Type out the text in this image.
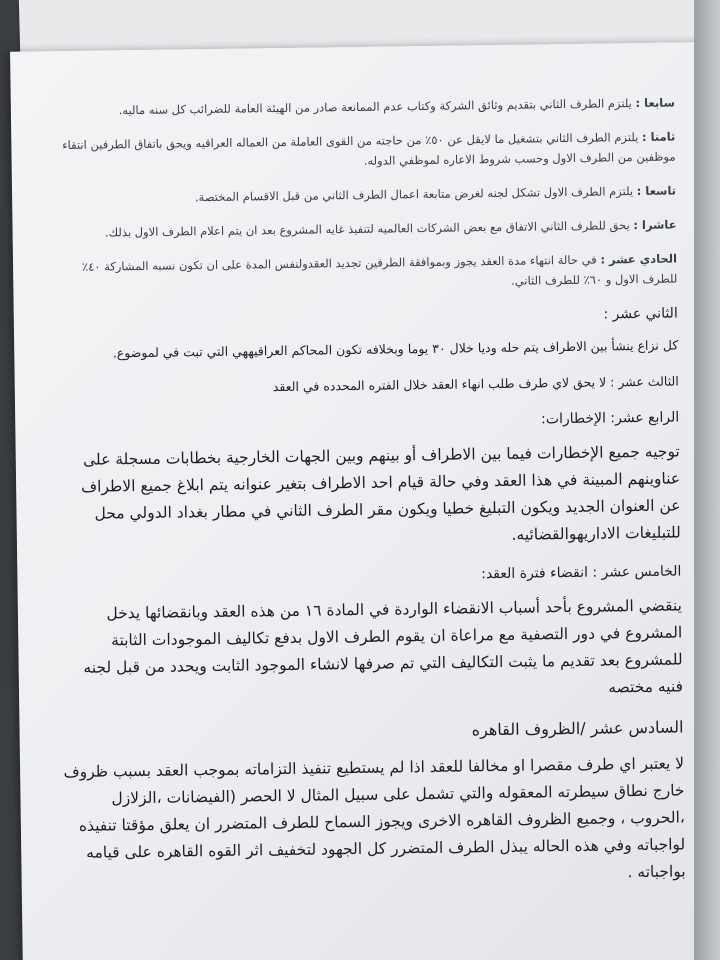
سابعا : يلتزم الطرف الثاني بتقديم وثائق الشركة وكتاب عدم الممانعة صادر من الهيئة العامة للضرائب كل سنه ماليه.

ثامنا : يلتزم الطرف الثاني بتشغيل ما لايقل عن ٥٠٪ من حاجته من القوى العاملة من العماله العراقيه ويحق باتفاق الطرفين انتقاء موظفين من الطرف الاول وحسب شروط الاعاره لموظفي الدوله.

تاسعا : يلتزم الطرف الاول تشكل لجنه لغرض متابعة اعمال الطرف الثاني من قبل الاقسام المختصة.

عاشرا : يحق للطرف الثاني الاتفاق مع بعض الشركات العالميه لتنفيذ غايه المشروع بعد ان يتم اعلام الطرف الاول بذلك.

الحادي عشر : في حالة انتهاء مدة العقد يجوز وبموافقة الطرفين تجديد العقدولنفس المدة على ان تكون نسبه المشاركة ٤٠٪ للطرف الاول و ٦٠٪ للطرف الثاني.

الثاني عشر :

كل نزاع ينشأ بين الاطراف يتم حله وديا خلال ٣٠ يوما وبخلافه تكون المحاكم العراقيههي التي تبت في لموضوع.

الثالث عشر : لا يحق لاي طرف طلب انهاء العقد خلال الفتره المحدده في العقد

الرابع عشر: الإخطارات:

توجيه جميع الإخطارات فيما بين الاطراف أو بينهم وبين الجهات الخارجية بخطابات مسجلة على عناوينهم المبينة في هذا العقد وفي حالة قيام احد الاطراف بتغير عنوانه يتم ابلاغ جميع الاطراف عن العنوان الجديد ويكون التبليغ خطيا ويكون مقر الطرف الثاني في مطار بغداد الدولي محل للتبليغات الاداريهوالقضائيه.

الخامس عشر : انقضاء فترة العقد:

ينقضي المشروع بأحد أسباب الانقضاء الواردة في المادة ١٦ من هذه العقد وبانقضائها يدخل المشروع في دور التصفية مع مراعاة ان يقوم الطرف الاول بدفع تكاليف الموجودات الثابتة للمشروع بعد تقديم ما يثبت التكاليف التي تم صرفها لانشاء الموجود الثابت ويحدد من قبل لجنه فنيه مختصه

السادس عشر /الظروف القاهره

لا يعتبر اي طرف مقصرا او مخالفا للعقد اذا لم يستطيع تنفيذ التزاماته بموجب العقد بسبب ظروف خارج نطاق سيطرته المعقوله والتي تشمل على سبيل المثال لا الحصر (الفيضانات ،الزلازل ،الحروب ، وجميع الظروف القاهره الاخرى ويجوز السماح للطرف المتضرر ان يعلق مؤقتا تنفيذه لواجباته وفي هذه الحاله يبذل الطرف المتضرر كل الجهود لتخفيف اثر القوه القاهره على قيامه بواجباته .
